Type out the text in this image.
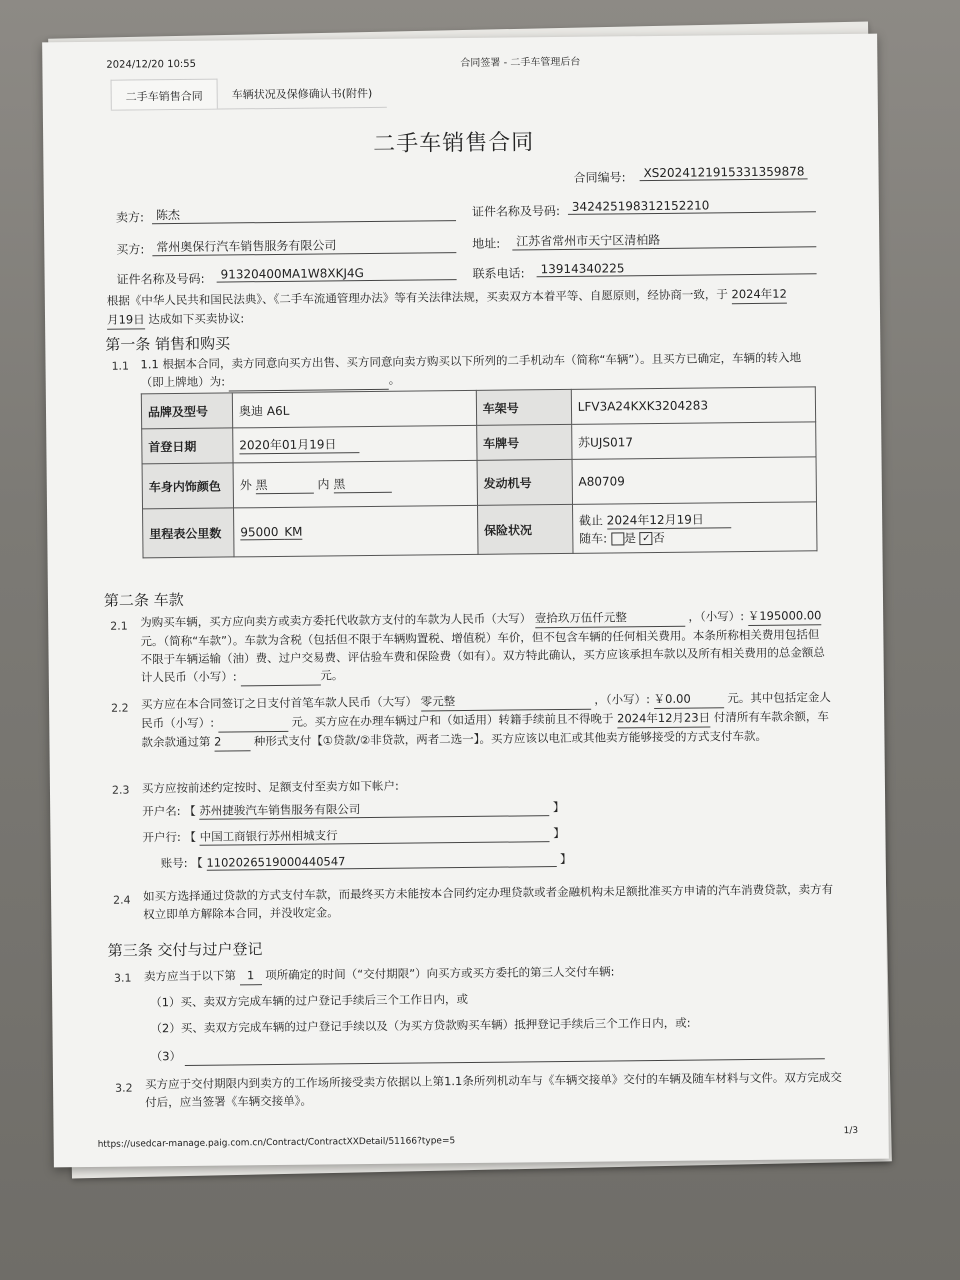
2024/12/20 10:55	合同签署 - 二手车管理后台
二手车销售合同	车辆状况及保修确认书(附件)
二手车销售合同
合同编号:	XS2024121915331359878
卖方: 陈杰	证件名称及号码: 342425198312152210
买方: 常州奥保行汽车销售服务有限公司	地址:	江苏省常州市天宁区清柏路
证件名称及号码:	91320400MA1W8XKJ4G	联系电话:	13914340225
根据《中华人民共和国民法典》、《二手车流通管理办法》等有关法律法规，买卖双方本着平等、自愿原则，经协商一致，于 2024年12
月19日 达成如下买卖协议:
第一条 销售和购买
1.1 1.1 根据本合同，卖方同意向买方出售、买方同意向卖方购买以下所列的二手机动车（简称“车辆”）。且买方已确定，车辆的转入地（即上牌地）为:	。
品牌及型号	奥迪 A6L	车架号	LFV3A24KXK3204283
首登日期	2020年01月19日	车牌号	苏UJS017
车身内饰颜色	外 黑 内 黑	发动机号	A80709
里程表公里数	95000 KM	保险状况	截止 2024年12月19日
随车: 是 ✓ 否
第二条 车款
2.1 为购买车辆，买方应向卖方或卖方委托代收款方支付的车款为人民币（大写） 壹拾玖万伍仟元整	，（小写）: ￥195000.00 元。（简称“车款”）。车款为含税（包括但不限于车辆购置税、增值税）车价，但不包含车辆的任何相关费用。本条所称相关费用包括但不限于车辆运输（油）费、过户交易费、评估验车费和保险费（如有）。双方特此确认，买方应该承担车款以及所有相关费用的总金额总计人民币（小写）:	元。
2.2 买方应在本合同签订之日支付首笔车款人民币（大写） 零元整	，（小写）: ￥0.00	元。其中包括定金人民币（小写）:	元。买方应在办理车辆过户和（如适用）转籍手续前且不得晚于 2024年12月23日 付清所有车款余额，车款余款通过第 2	种形式支付【①贷款/②非贷款，两者二选一】。买方应该以电汇或其他卖方能够接受的方式支付车款。
2.3 买方应按前述约定按时、足额支付至卖方如下帐户:
开户名: 【 苏州捷骏汽车销售服务有限公司	】
开户行: 【 中国工商银行苏州相城支行	】
账号: 【 1102026519000440547	】
2.4 如买方选择通过贷款的方式支付车款，而最终买方未能按本合同约定办理贷款或者金融机构未足额批准买方申请的汽车消费贷款，卖方有权立即单方解除本合同，并没收定金。
第三条 交付与过户登记
3.1 卖方应当于以下第 1 项所确定的时间（“交付期限”）向买方或买方委托的第三人交付车辆:
（1）买、卖双方完成车辆的过户登记手续后三个工作日内，或
（2）买、卖双方完成车辆的过户登记手续以及（为买方贷款购买车辆）抵押登记手续后三个工作日内，或:
（3）
3.2 买方应于交付期限内到卖方的工作场所接受卖方依据以上第1.1条所列机动车与《车辆交接单》交付的车辆及随车材料与文件。双方完成交付后，应当签署《车辆交接单》。
https://usedcar-manage.paig.com.cn/Contract/ContractXXDetail/51166?type=5
1/3
